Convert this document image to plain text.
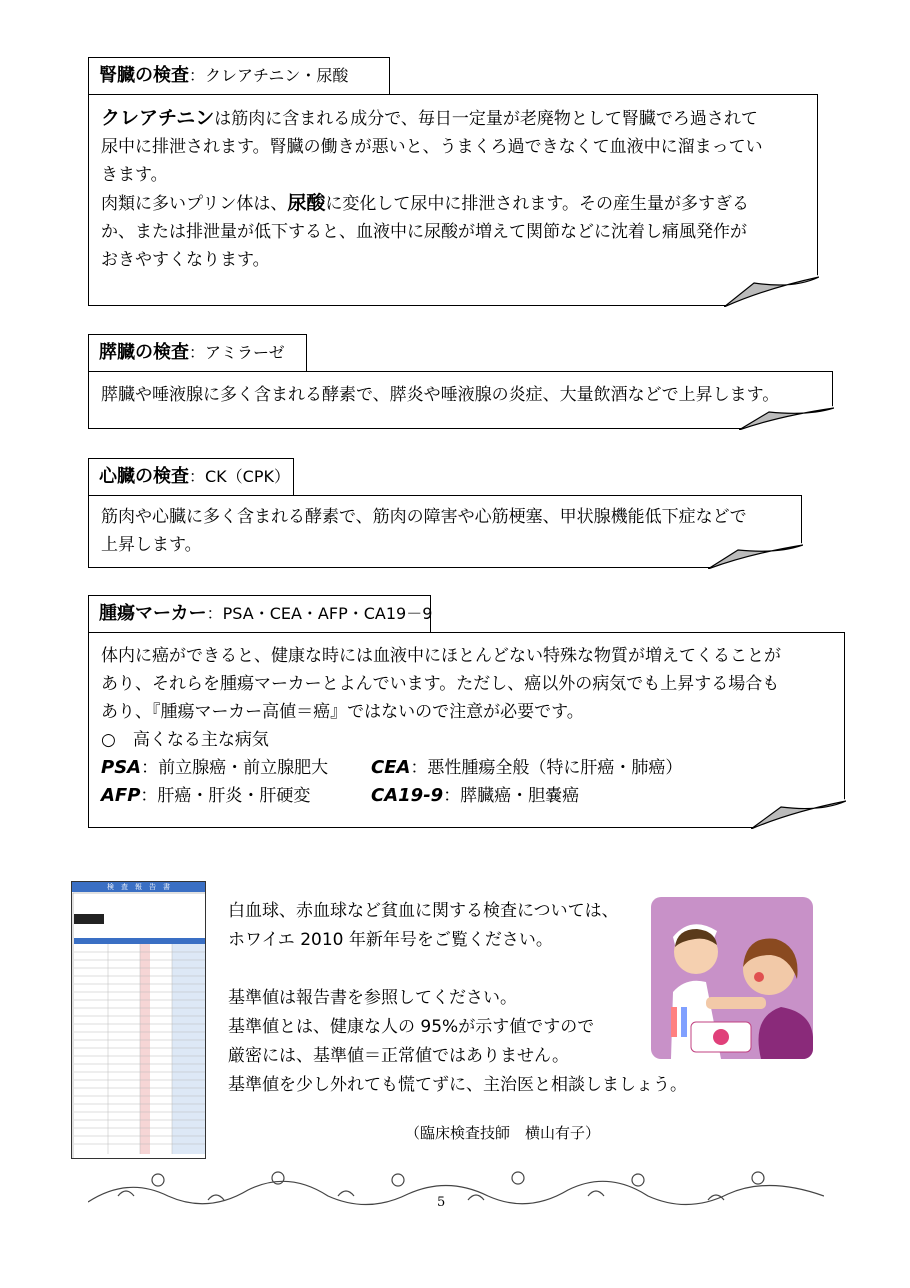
腎臓の検査 ：クレアチニン・尿酸

クレアチニンは筋肉に含まれる成分で、毎日一定量が老廃物として腎臓でろ過されて

尿中に排泄されます。腎臓の働きが悪いと、うまくろ過できなくて血液中に溜まってい

きます。

肉類に多いプリン体は、尿酸に変化して尿中に排泄されます。その産生量が多すぎる

か、または排泄量が低下すると、血液中に尿酸が増えて関節などに沈着し痛風発作が

おきやすくなります。

膵臓の検査 ：アミラーゼ

膵臓や唾液腺に多く含まれる酵素で、膵炎や唾液腺の炎症、大量飲酒などで上昇します。

心臓の検査 ：CK（CPK）

筋肉や心臓に多く含まれる酵素で、筋肉の障害や心筋梗塞、甲状腺機能低下症などで

上昇します。

腫瘍マーカー ：PSA・CEA・AFP・CA19－9

体内に癌ができると、健康な時には血液中にほとんどない特殊な物質が増えてくることが

あり、それらを腫瘍マーカーとよんでいます。ただし、癌以外の病気でも上昇する場合も

あり、『腫瘍マーカー高値＝癌』ではないので注意が必要です。

○　高くなる主な病気

PSA：前立腺癌・前立腺肥大	CEA：悪性腫瘍全般（特に肝癌・肺癌）
AFP：肝癌・肝炎・肝硬変	CA19-9：膵臓癌・胆嚢癌
検　査　報　告　書

白血球、赤血球など貧血に関する検査については、

ホワイエ 2010 年新年号をご覧ください。

基準値は報告書を参照してください。

基準値とは、健康な人の 95%が示す値ですので

厳密には、基準値＝正常値ではありません。

基準値を少し外れても慌てずに、主治医と相談しましょう。

（臨床検査技師　横山有子）
5
